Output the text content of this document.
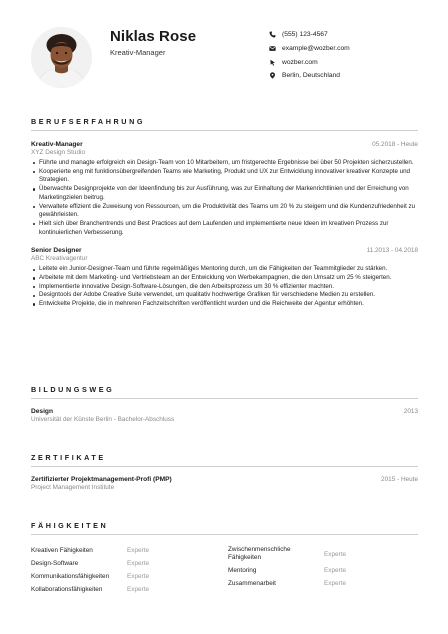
Niklas Rose
Kreativ-Manager
(555) 123-4567
example@wozber.com
wozber.com
Berlin, Deutschland
BERUFSERFAHRUNG
Kreativ-Manager	05.2018 - Heute
XYZ Design Studio
Führte und managte erfolgreich ein Design-Team von 10 Mitarbeitern, um fristgerechte Ergebnisse bei über 50 Projekten sicherzustellen.
Kooperierte eng mit funktionsübergreifenden Teams wie Marketing, Produkt und UX zur Entwicklung innovativer kreativer Konzepte und Strategien.
Überwachte Designprojekte von der Ideenfindung bis zur Ausführung, was zur Einhaltung der Markenrichtlinien und der Erreichung von Marketingzielen beitrug.
Verwaltete effizient die Zuweisung von Ressourcen, um die Produktivität des Teams um 20 % zu steigern und die Kundenzufriedenheit zu gewährleisten.
Hielt sich über Branchentrends und Best Practices auf dem Laufenden und implementierte neue Ideen im kreativen Prozess zur kontinuierlichen Verbesserung.
Senior Designer	11.2013 - 04.2018
ABC Kreativagentur
Leitete ein Junior-Designer-Team und führte regelmäßiges Mentoring durch, um die Fähigkeiten der Teammitglieder zu stärken.
Arbeitete mit dem Marketing- und Vertriebsteam an der Entwicklung von Werbekampagnen, die den Umsatz um 25 % steigerten.
Implementierte innovative Design-Software-Lösungen, die den Arbeitsprozess um 30 % effizienter machten.
Designtools der Adobe Creative Suite verwendet, um qualitativ hochwertige Grafiken für verschiedene Medien zu erstellen.
Entwickelte Projekte, die in mehreren Fachzeitschriften veröffentlicht wurden und die Reichweite der Agentur erhöhten.
BILDUNGSWEG
Design	2013
Universität der Künste Berlin - Bachelor-Abschluss
ZERTIFIKATE
Zertifizierter Projektmanagement-Profi (PMP)	2015 - Heute
Project Management Institute
FÄHIGKEITEN
Kreativen Fähigkeiten	Experte
Design-Software	Experte
Kommunikationsfähigkeiten	Experte
Kollaborationsfähigkeiten	Experte
Zwischenmenschliche Fähigkeiten	Experte
Mentoring	Experte
Zusammenarbeit	Experte
